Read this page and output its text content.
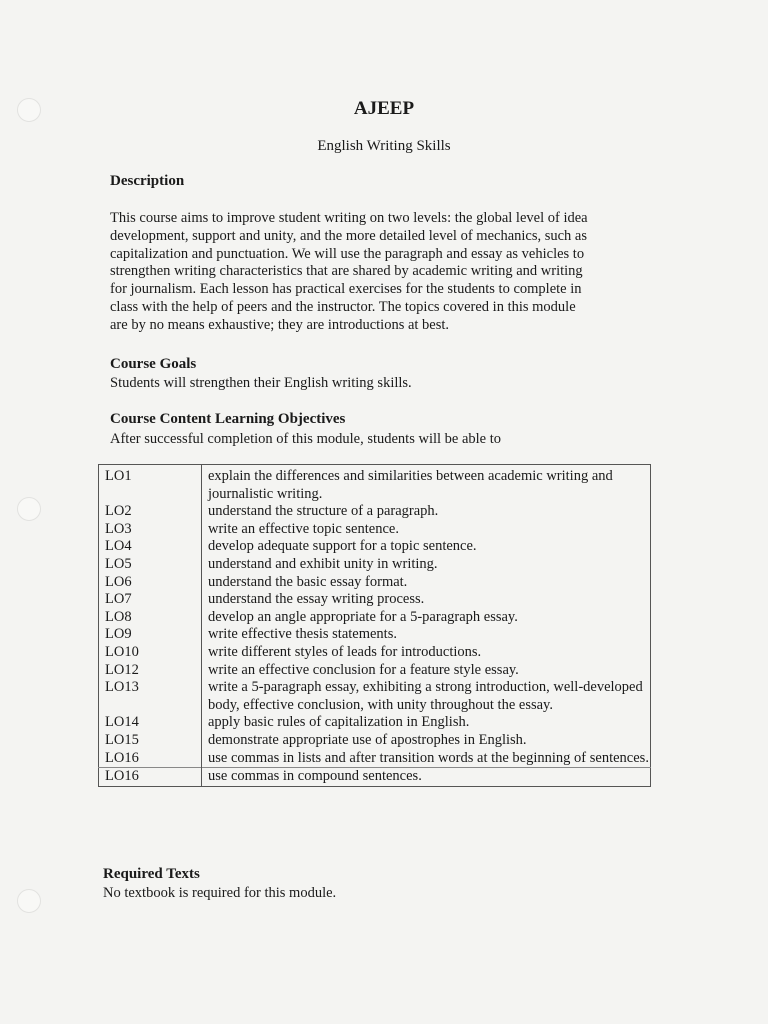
AJEEP
English Writing Skills
Description
This course aims to improve student writing on two levels: the global level of idea
development, support and unity, and the more detailed level of mechanics, such as
capitalization and punctuation. We will use the paragraph and essay as vehicles to
strengthen writing characteristics that are shared by academic writing and writing
for journalism. Each lesson has practical exercises for the students to complete in
class with the help of peers and the instructor. The topics covered in this module
are by no means exhaustive; they are introductions at best.
Course Goals
Students will strengthen their English writing skills.
Course Content Learning Objectives
After successful completion of this module, students will be able to
LO1	explain the differences and similarities between academic writing and journalistic writing.
LO2	understand the structure of a paragraph.
LO3	write an effective topic sentence.
LO4	develop adequate support for a topic sentence.
LO5	understand and exhibit unity in writing.
LO6	understand the basic essay format.
LO7	understand the essay writing process.
LO8	develop an angle appropriate for a 5-paragraph essay.
LO9	write effective thesis statements.
LO10	write different styles of leads for introductions.
LO12	write an effective conclusion for a feature style essay.
LO13	write a 5-paragraph essay, exhibiting a strong introduction, well-developed body, effective conclusion, with unity throughout the essay.
LO14	apply basic rules of capitalization in English.
LO15	demonstrate appropriate use of apostrophes in English.
LO16	use commas in lists and after transition words at the beginning of sentences.
LO16	use commas in compound sentences.
Required Texts
No textbook is required for this module.
